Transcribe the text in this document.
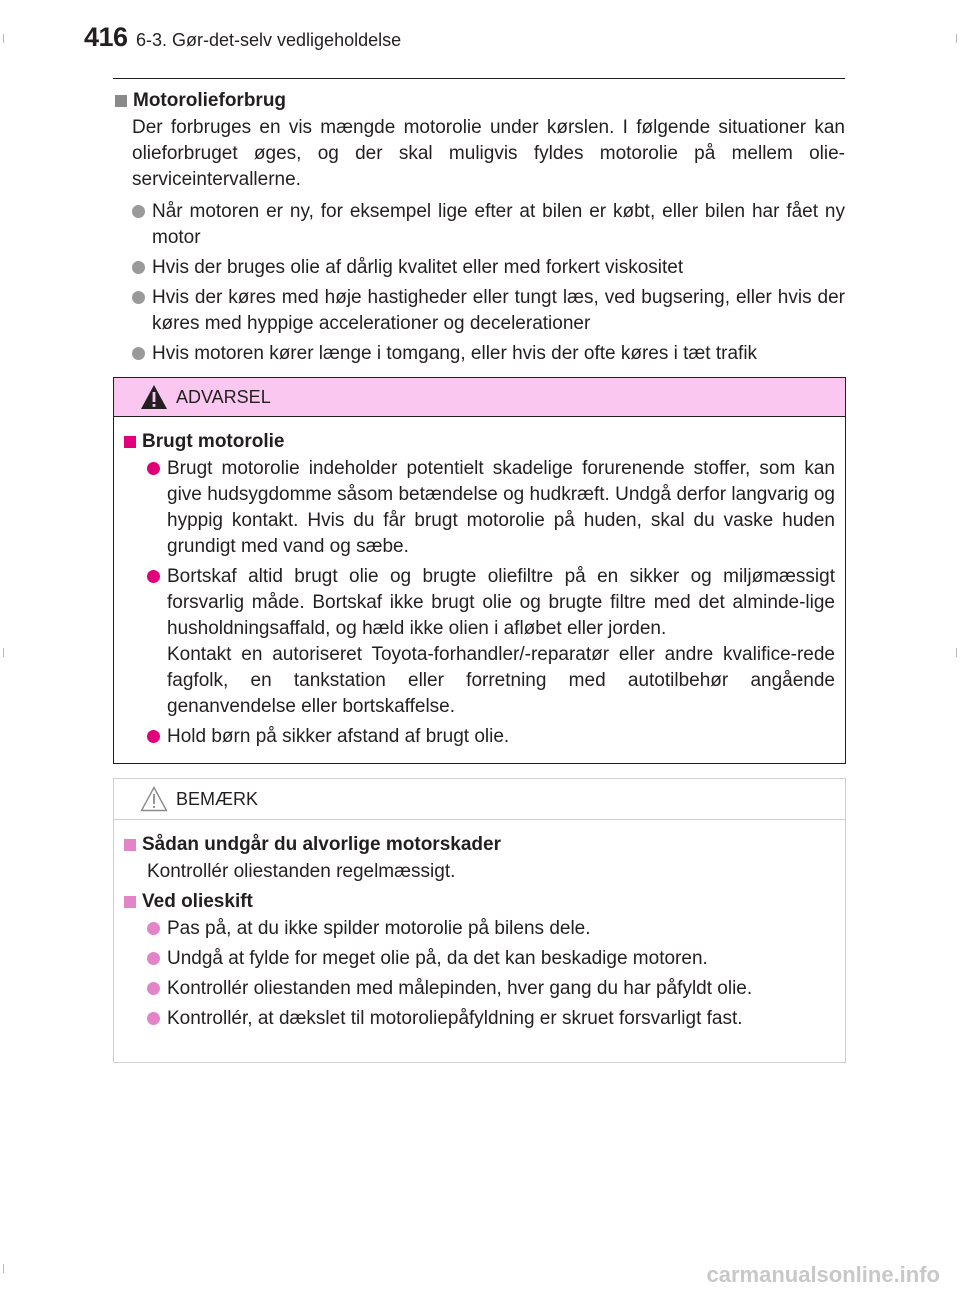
416 6-3. Gør-det-selv vedligeholdelse
Motorolieforbrug
Der forbruges en vis mængde motorolie under kørslen. I følgende situationer kan olieforbruget øges, og der skal muligvis fyldes motorolie på mellem olie-serviceintervallerne.
Når motoren er ny, for eksempel lige efter at bilen er købt, eller bilen har fået ny motor
Hvis der bruges olie af dårlig kvalitet eller med forkert viskositet
Hvis der køres med høje hastigheder eller tungt læs, ved bugsering, eller hvis der køres med hyppige accelerationer og decelerationer
Hvis motoren kører længe i tomgang, eller hvis der ofte køres i tæt trafik
ADVARSEL
Brugt motorolie
Brugt motorolie indeholder potentielt skadelige forurenende stoffer, som kan give hudsygdomme såsom betændelse og hudkræft. Undgå derfor langvarig og hyppig kontakt. Hvis du får brugt motorolie på huden, skal du vaske huden grundigt med vand og sæbe.
Bortskaf altid brugt olie og brugte oliefiltre på en sikker og miljømæssigt forsvarlig måde. Bortskaf ikke brugt olie og brugte filtre med det alminde-lige husholdningsaffald, og hæld ikke olien i afløbet eller jorden.
Kontakt en autoriseret Toyota-forhandler/-reparatør eller andre kvalifice-rede fagfolk, en tankstation eller forretning med autotilbehør angående genanvendelse eller bortskaffelse.
Hold børn på sikker afstand af brugt olie.
BEMÆRK
Sådan undgår du alvorlige motorskader
Kontrollér oliestanden regelmæssigt.
Ved olieskift
Pas på, at du ikke spilder motorolie på bilens dele.
Undgå at fylde for meget olie på, da det kan beskadige motoren.
Kontrollér oliestanden med målepinden, hver gang du har påfyldt olie.
Kontrollér, at dækslet til motoroliepåfyldning er skruet forsvarligt fast.
carmanualsonline.info
